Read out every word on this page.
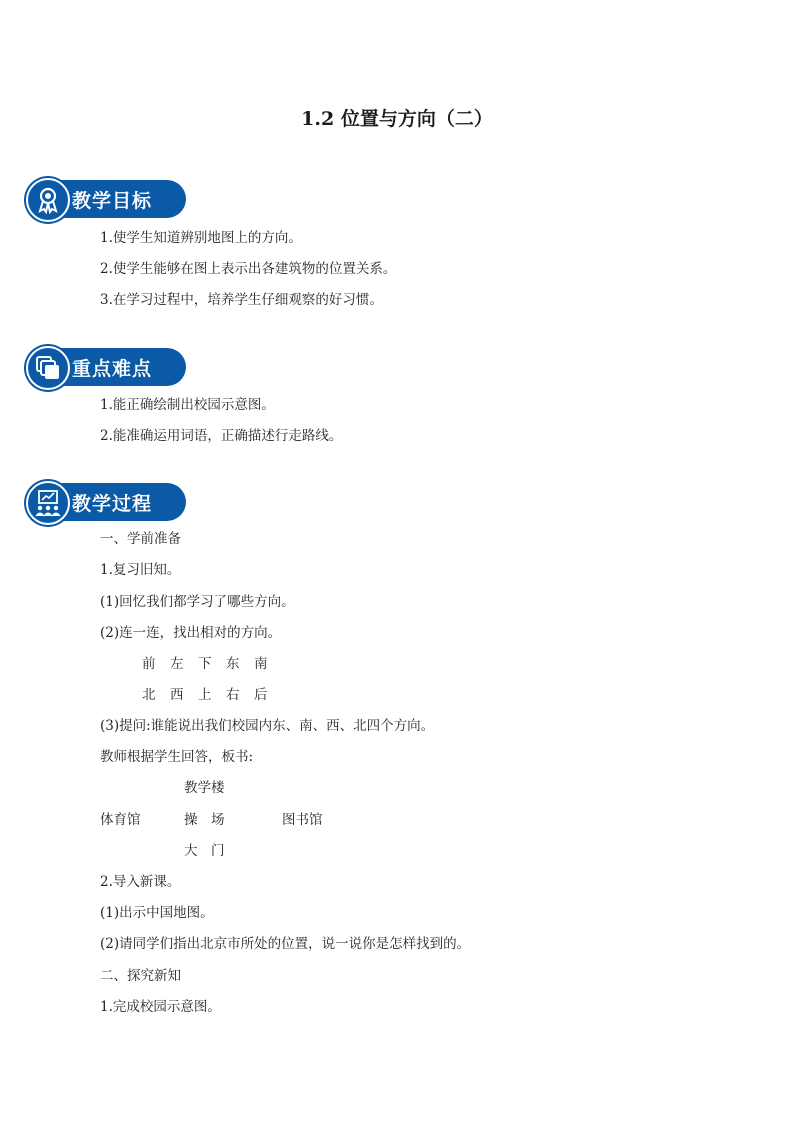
1.2 位置与方向（二）
教学目标
1.使学生知道辨别地图上的方向。
2.使学生能够在图上表示出各建筑物的位置关系。
3.在学习过程中，培养学生仔细观察的好习惯。
重点难点
1.能正确绘制出校园示意图。
2.能准确运用词语，正确描述行走路线。
教学过程
一、学前准备
1.复习旧知。
(1)回忆我们都学习了哪些方向。
(2)连一连，找出相对的方向。
前 左 下 东 南
北 西 上 右 后
(3)提问:谁能说出我们校园内东、南、西、北四个方向。
教师根据学生回答，板书:
教学楼
体育馆	操　场	图书馆
大　门
2.导入新课。
(1)出示中国地图。
(2)请同学们指出北京市所处的位置，说一说你是怎样找到的。
二、探究新知
1.完成校园示意图。
